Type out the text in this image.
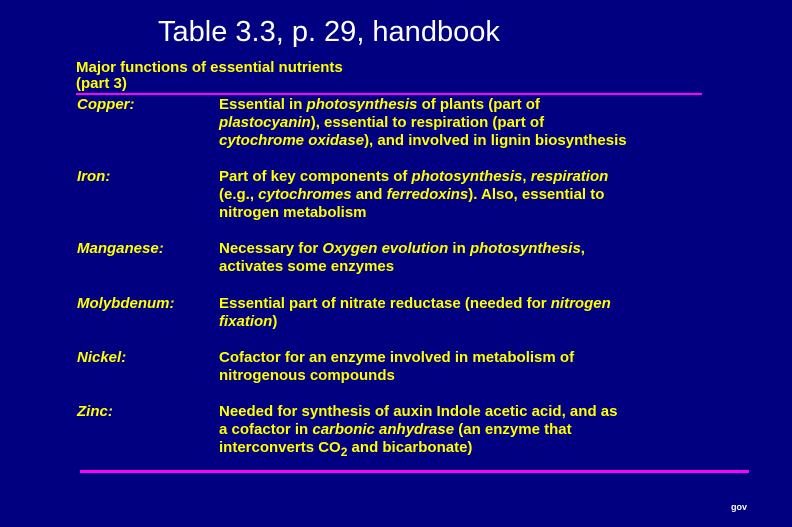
Table 3.3, p. 29, handbook
Major functions of essential nutrients
(part 3)
Copper:	Essential in photosynthesis of plants (part of
plastocyanin), essential to respiration (part of
cytochrome oxidase), and involved in lignin biosynthesis
Iron:	Part of key components of photosynthesis, respiration
(e.g., cytochromes and ferredoxins). Also, essential to
nitrogen metabolism
Manganese:	Necessary for Oxygen evolution in photosynthesis,
activates some enzymes
Molybdenum:	Essential part of nitrate reductase (needed for nitrogen
fixation)
Nickel:	Cofactor for an enzyme involved in metabolism of
nitrogenous compounds
Zinc:	Needed for synthesis of auxin Indole acetic acid, and as
a cofactor in carbonic anhydrase (an enzyme that
interconverts $CO_2$ and bicarbonate)
gov
